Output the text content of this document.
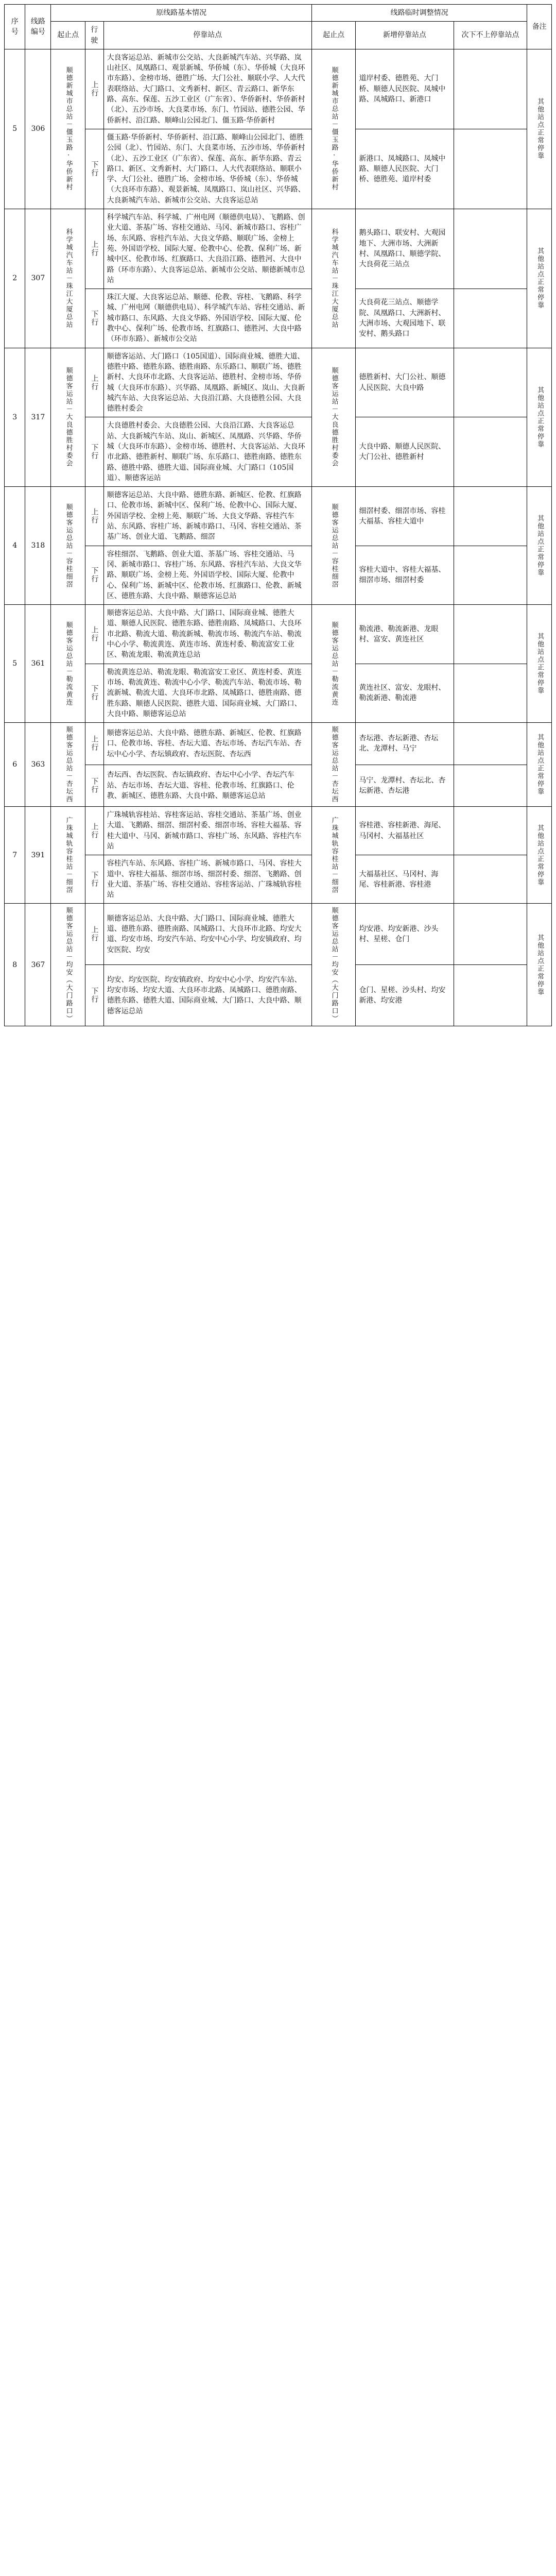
序号	线路编号	原线路基本情况			线路临时调整情况			备注
		起止点	行驶	停靠站点	起止点	新增停靠站点	次下不上停靠站点	
5	306	顺德新城市总站－僵玉路·华侨新村	上行	大良客运总站、新城市公交站、大良新城汽车站、兴华路、岚山社区、凤凰路口、观景新城、华侨城（东）、华侨城（大良环市东路）、金榜市场、德胜广场、大门公社、顺联小学、人大代表联络站、大门路口、文秀新村、新区、青云路口、新华东路、高东、保莲、五沙工业区（广东省）、华侨新村、华侨新村（北）、五沙市场、大良菜市场、东门、竹园站、德胜公园、华侨新村、沿江路、顺峰山公园北门、僵玉路·华侨新村	顺德新城市总站－僵玉路·华侨新村	道岸村委、德胜苑、大门桥、顺德人民医院、凤城中路、凤城路口、新港口		其他站点正常停靠
			下行	僵玉路·华侨新村、华侨新村、沿江路、顺峰山公园北门、德胜公园（北）、竹园站、东门、大良菜市场、五沙市场、华侨新村（北）、五沙工业区（广东省）、保莲、高东、新华东路、青云路口、新区、文秀新村、大门路口、人大代表联络站、顺联小学、大门公社、德胜广场、金榜市场、华侨城（东）、华侨城（大良环市东路）、观景新城、凤凰路口、岚山社区、兴华路、大良新城汽车站、新城市公交站、大良客运总站		新港口、凤城路口、凤城中路、顺德人民医院、大门桥、德胜苑、道岸村委		
2	307	科学城汽车站－珠江大厦总站	上行	科学城汽车站、科学城、广州电网（顺德供电局）、飞鹅路、创业大道、茶基广场、容桂交通站、马冈、新城市路口、容桂广场、东风路、容桂汽车站、大良文华路、顺联广场、金榜上苑、外国语学校、国际大厦、伦教中心、伦教、保利广场、新城中区、伦教市场、红旗路口、大良沿江路、德胜河、大良中路（环市东路）、大良客运总站、新城市公交站、顺德新城市总站	科学城汽车站－珠江大厦总站	鹅头路口、联安村、大观园地下、大洲市场、大洲新村、凤凰路口、顺德学院、大良荷花三站点		其他站点正常停靠
			下行	珠江大厦、大良客运总站、顺德、伦教、容桂、飞鹅路、科学城、广州电网（顺德供电局）、科学城汽车站、容桂交通站、新城市路口、东风路、大良文华路、外国语学校、国际大厦、伦教中心、保利广场、伦教市场、红旗路口、德胜河、大良中路（环市东路）、新城市公交站		大良荷花三站点、顺德学院、凤凰路口、大洲新村、大洲市场、大观园地下、联安村、鹅头路口		
3	317	顺德客运站－大良德胜村委会	上行	顺德客运站、大门路口（105国道）、国际商业城、德胜大道、德胜中路、德胜东路、德胜南路、东乐路口、顺联广场、德胜新村、大良环市北路、大良客运站、德胜村、金榜市场、华侨城（大良环市东路）、兴华路、凤凰路、新城区、岚山、大良新城汽车站、大良客运总站、大良沿江路、大良德胜公园、大良德胜村委会	顺德客运站－大良德胜村委会	德胜新村、大门公社、顺德人民医院、大良中路		其他站点正常停靠
			下行	大良德胜村委会、大良德胜公园、大良沿江路、大良客运总站、大良新城汽车站、岚山、新城区、凤凰路、兴华路、华侨城（大良环市东路）、金榜市场、德胜村、大良客运站、大良环市北路、德胜新村、顺联广场、东乐路口、德胜南路、德胜东路、德胜中路、德胜大道、国际商业城、大门路口（105国道）、顺德客运站		大良中路、顺德人民医院、大门公社、德胜新村		
4	318	顺德客运总站－容桂细滘	上行	顺德客运总站、大良中路、德胜东路、新城区、伦教、红旗路口、伦教市场、新城中区、保利广场、伦教中心、国际大厦、外国语学校、金榜上苑、顺联广场、大良文华路、容桂汽车站、东风路、容桂广场、新城市路口、马冈、容桂交通站、茶基广场、创业大道、飞鹅路、细滘	顺德客运总站－容桂细滘	细滘村委、细滘市场、容桂大福基、容桂大道中		其他站点正常停靠
			下行	容桂细滘、飞鹅路、创业大道、茶基广场、容桂交通站、马冈、新城市路口、容桂广场、东风路、容桂汽车站、大良文华路、顺联广场、金榜上苑、外国语学校、国际大厦、伦教中心、保利广场、新城中区、伦教市场、红旗路口、伦教、新城区、德胜东路、大良中路、顺德客运总站		容桂大道中、容桂大福基、细滘市场、细滘村委		
5	361	顺德客运总站－勒流黄连	上行	顺德客运总站、大良中路、大门路口、国际商业城、德胜大道、顺德人民医院、德胜东路、德胜南路、凤城路口、大良环市北路、勒流大道、勒流新城、勒流市场、勒流汽车站、勒流中心小学、勒流黄连、黄连市场、黄连村委、勒流富安工业区、勒流龙眼、勒流黄连总站	顺德客运总站－勒流黄连	勒流港、勒流新港、龙眼村、富安、黄连社区		其他站点正常停靠
			下行	勒流黄连总站、勒流龙眼、勒流富安工业区、黄连村委、黄连市场、勒流黄连、勒流中心小学、勒流汽车站、勒流市场、勒流新城、勒流大道、大良环市北路、凤城路口、德胜南路、德胜东路、顺德人民医院、德胜大道、国际商业城、大门路口、大良中路、顺德客运总站		黄连社区、富安、龙眼村、勒流新港、勒流港		
6	363	顺德客运总站－杏坛西	上行	顺德客运总站、大良中路、德胜东路、新城区、伦教、红旗路口、伦教市场、容桂、杏坛大道、杏坛市场、杏坛汽车站、杏坛中心小学、杏坛镇政府、杏坛医院、杏坛西	顺德客运总站－杏坛西	杏坛港、杏坛新港、杏坛北、龙潭村、马宁		其他站点正常停靠
			下行	杏坛西、杏坛医院、杏坛镇政府、杏坛中心小学、杏坛汽车站、杏坛市场、杏坛大道、容桂、伦教市场、红旗路口、伦教、新城区、德胜东路、大良中路、顺德客运总站		马宁、龙潭村、杏坛北、杏坛新港、杏坛港		
7	391	广珠城轨容桂站－细滘	上行	广珠城轨容桂站、容桂客运站、容桂交通站、茶基广场、创业大道、飞鹅路、细滘、细滘村委、细滘市场、容桂大福基、容桂大道中、马冈、新城市路口、容桂广场、东风路、容桂汽车站	广珠城轨容桂站－细滘	容桂港、容桂新港、海尾、马冈村、大福基社区		其他站点正常停靠
			下行	容桂汽车站、东风路、容桂广场、新城市路口、马冈、容桂大道中、容桂大福基、细滘市场、细滘村委、细滘、飞鹅路、创业大道、茶基广场、容桂交通站、容桂客运站、广珠城轨容桂站		大福基社区、马冈村、海尾、容桂新港、容桂港		
8	367	顺德客运总站－均安（大门路口）	上行	顺德客运总站、大良中路、大门路口、国际商业城、德胜大道、德胜东路、德胜南路、凤城路口、大良环市北路、均安大道、均安市场、均安汽车站、均安中心小学、均安镇政府、均安医院、均安	顺德客运总站－均安（大门路口）	均安港、均安新港、沙头村、星槎、仓门		其他站点正常停靠
			下行	均安、均安医院、均安镇政府、均安中心小学、均安汽车站、均安市场、均安大道、大良环市北路、凤城路口、德胜南路、德胜东路、德胜大道、国际商业城、大门路口、大良中路、顺德客运总站		仓门、星槎、沙头村、均安新港、均安港		
